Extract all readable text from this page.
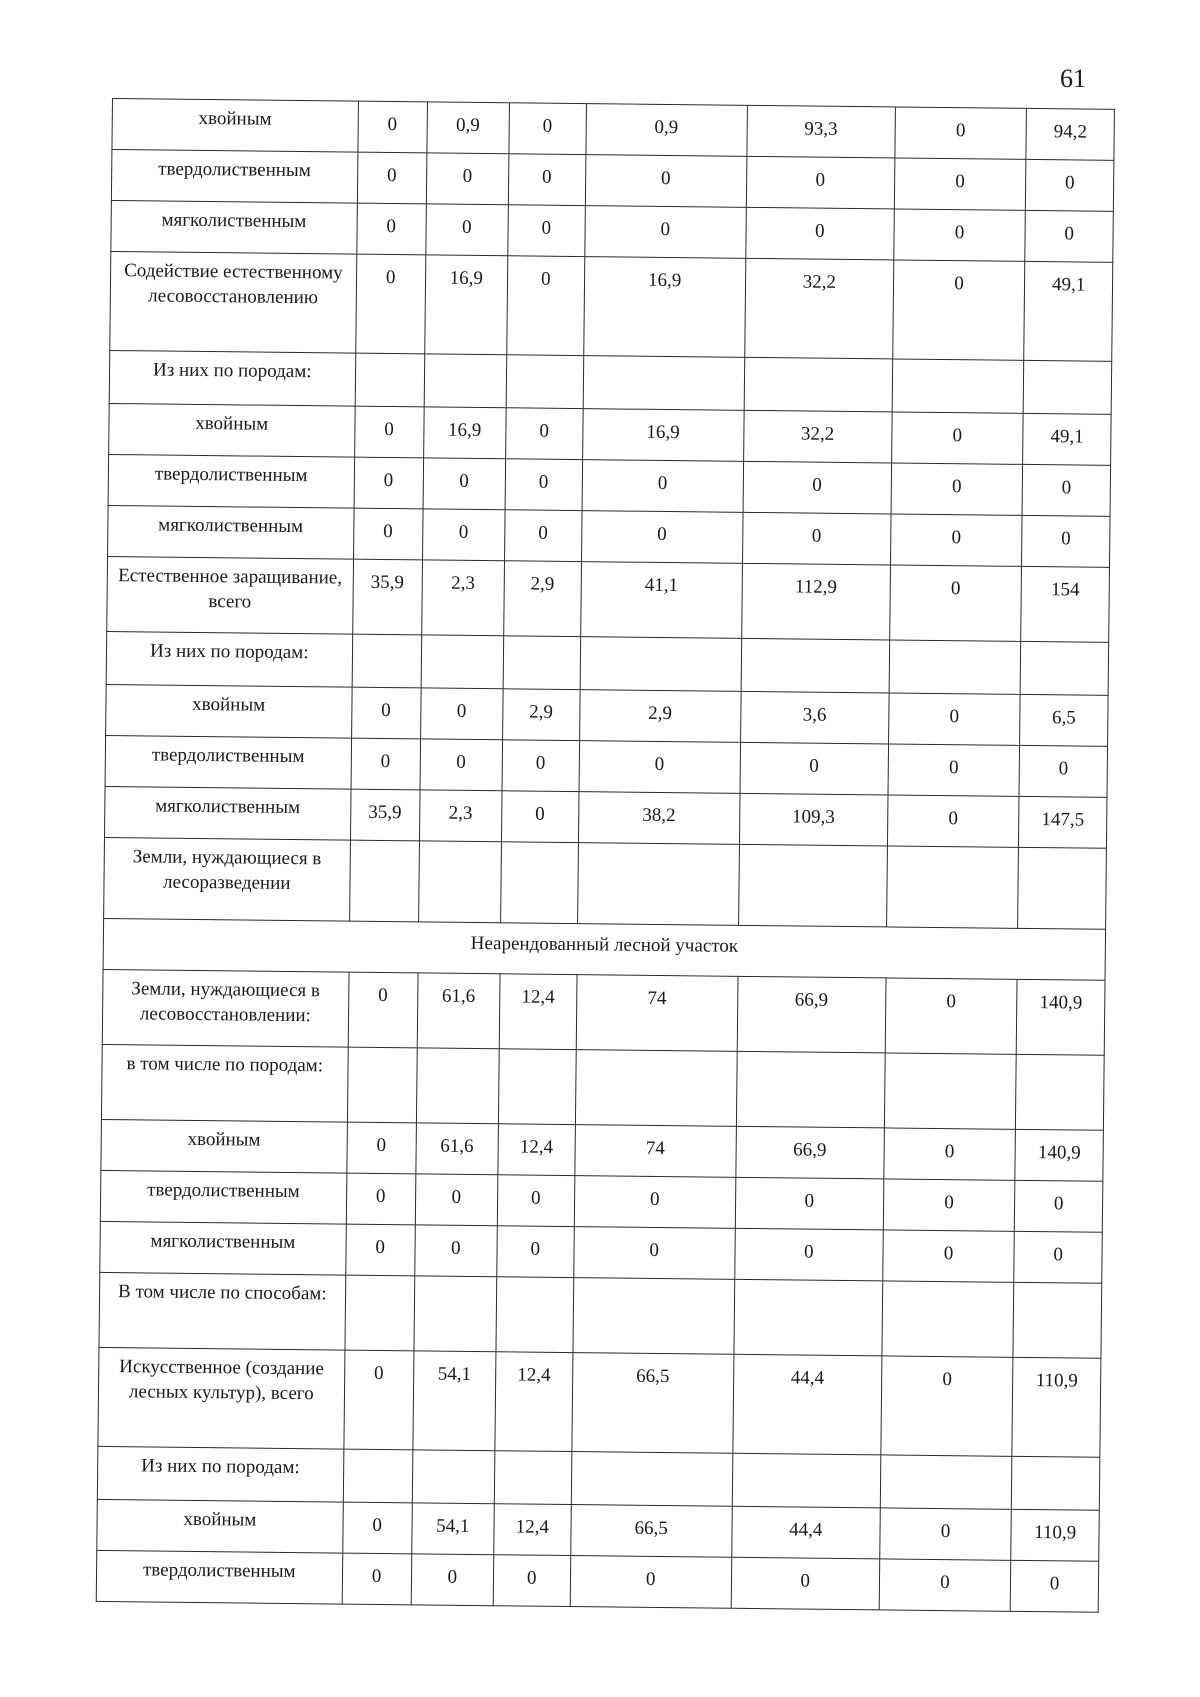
61
хвойным	0	0,9	0	0,9	93,3	0	94,2
твердолиственным	0	0	0	0	0	0	0
мягколиственным	0	0	0	0	0	0	0
Содействие естественному лесовосстановлению	0	16,9	0	16,9	32,2	0	49,1
Из них по породам:							
хвойным	0	16,9	0	16,9	32,2	0	49,1
твердолиственным	0	0	0	0	0	0	0
мягколиственным	0	0	0	0	0	0	0
Естественное заращивание, всего	35,9	2,3	2,9	41,1	112,9	0	154
Из них по породам:							
хвойным	0	0	2,9	2,9	3,6	0	6,5
твердолиственным	0	0	0	0	0	0	0
мягколиственным	35,9	2,3	0	38,2	109,3	0	147,5
Земли, нуждающиеся в лесоразведении							
Неарендованный лесной участок							
Земли, нуждающиеся в лесовосстановлении:	0	61,6	12,4	74	66,9	0	140,9
в том числе по породам:							
хвойным	0	61,6	12,4	74	66,9	0	140,9
твердолиственным	0	0	0	0	0	0	0
мягколиственным	0	0	0	0	0	0	0
В том числе по способам:							
Искусственное (создание лесных культур), всего	0	54,1	12,4	66,5	44,4	0	110,9
Из них по породам:							
хвойным	0	54,1	12,4	66,5	44,4	0	110,9
твердолиственным	0	0	0	0	0	0	0
